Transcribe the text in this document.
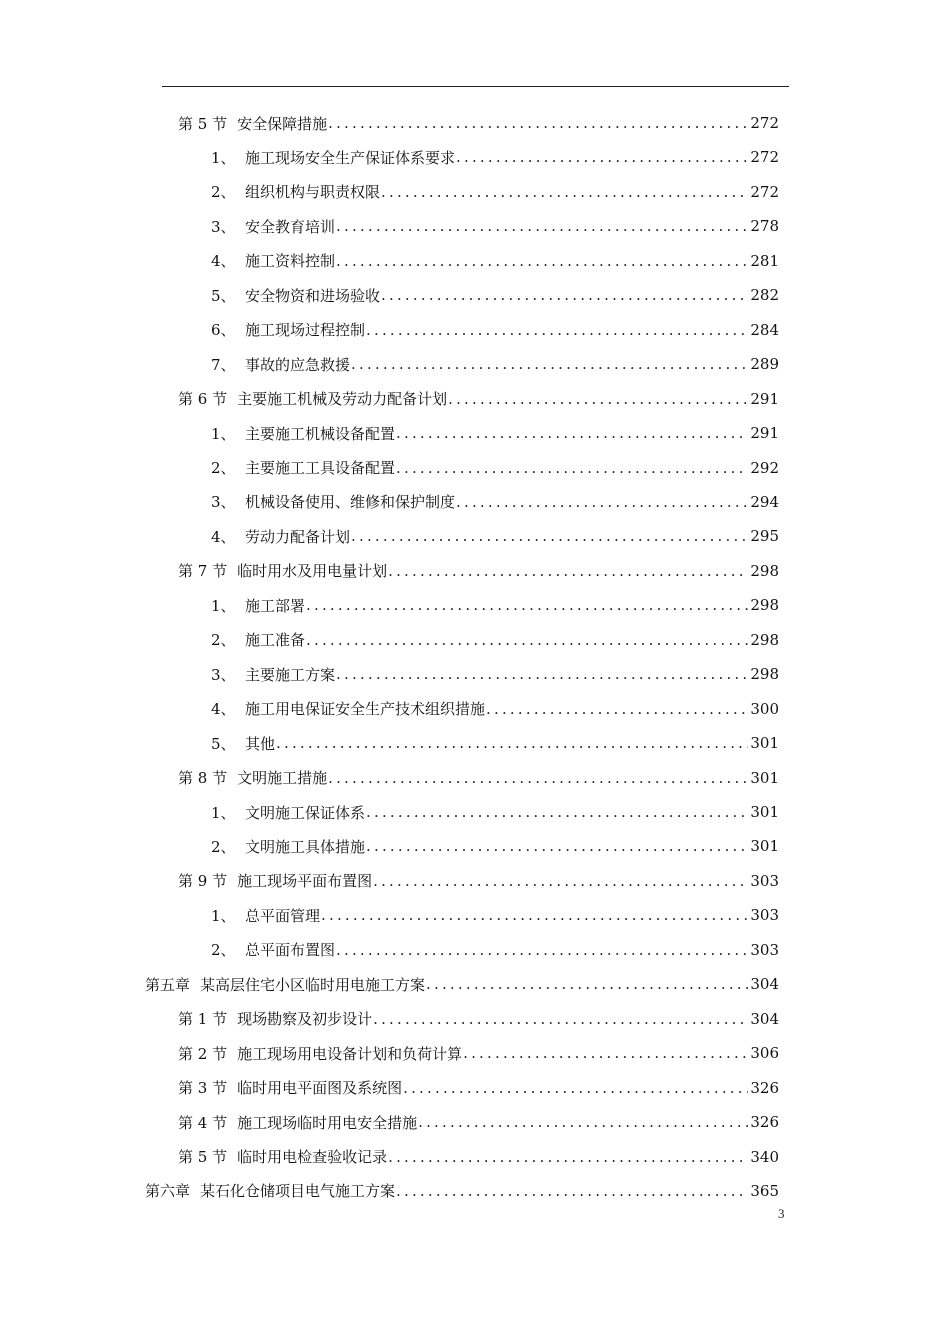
第 5 节 安全保障措施 .....	272
1、 施工现场安全生产保证体系要求 .....	272
2、 组织机构与职责权限 .....	272
3、 安全教育培训 .....	278
4、 施工资料控制 .....	281
5、 安全物资和进场验收 .....	282
6、 施工现场过程控制 .....	284
7、 事故的应急救援 .....	289
第 6 节 主要施工机械及劳动力配备计划 .....	291
1、 主要施工机械设备配置 .....	291
2、 主要施工工具设备配置 .....	292
3、 机械设备使用、维修和保护制度 .....	294
4、 劳动力配备计划 .....	295
第 7 节 临时用水及用电量计划 .....	298
1、 施工部署 .....	298
2、 施工准备 .....	298
3、 主要施工方案 .....	298
4、 施工用电保证安全生产技术组织措施 .....	300
5、 其他 .....	301
第 8 节 文明施工措施 .....	301
1、 文明施工保证体系 .....	301
2、 文明施工具体措施 .....	301
第 9 节 施工现场平面布置图 .....	303
1、 总平面管理 .....	303
2、 总平面布置图 .....	303
第五章 某高层住宅小区临时用电施工方案 .....	304
第 1 节 现场勘察及初步设计 .....	304
第 2 节 施工现场用电设备计划和负荷计算 .....	306
第 3 节 临时用电平面图及系统图 .....	326
第 4 节 施工现场临时用电安全措施 .....	326
第 5 节 临时用电检查验收记录 .....	340
第六章 某石化仓储项目电气施工方案 .....	365
3
